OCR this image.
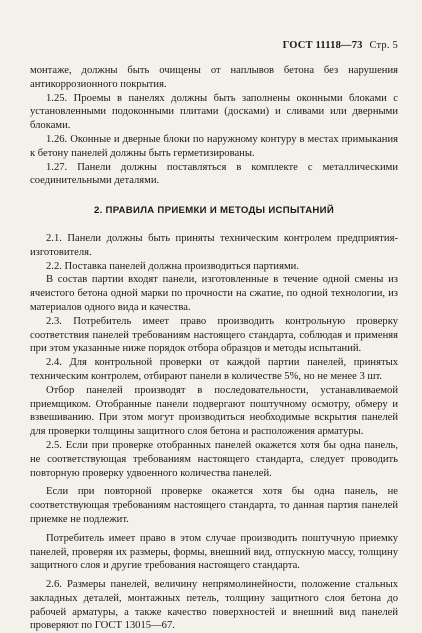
ГОСТ 11118—73 Стр. 5

монтаже, должны быть очищены от наплывов бетона без нарушения антикоррозионного покрытия.

1.25. Проемы в панелях должны быть заполнены оконными блоками с установленными подоконными плитами (досками) и сливами или дверными блоками.

1.26. Оконные и дверные блоки по наружному контуру в местах примыкания к бетону панелей должны быть герметизированы.

1.27. Панели должны поставляться в комплекте с металлическими соединительными деталями.

2. ПРАВИЛА ПРИЕМКИ И МЕТОДЫ ИСПЫТАНИЙ

2.1. Панели должны быть приняты техническим контролем предприятия-изготовителя.

2.2. Поставка панелей должна производиться партиями.

В состав партии входят панели, изготовленные в течение одной смены из ячеистого бетона одной марки по прочности на сжатие, по одной технологии, из материалов одного вида и качества.

2.3. Потребитель имеет право производить контрольную проверку соответствия панелей требованиям настоящего стандарта, соблюдая и применяя при этом указанные ниже порядок отбора образцов и методы испытаний.

2.4. Для контрольной проверки от каждой партии панелей, принятых техническим контролем, отбирают панели в количестве 5%, но не менее 3 шт.

Отбор панелей производят в последовательности, устанавливаемой приемщиком. Отобранные панели подвергают поштучному осмотру, обмеру и взвешиванию. При этом могут производиться необходимые вскрытия панелей для проверки толщины защитного слоя бетона и расположения арматуры.

2.5. Если при проверке отобранных панелей окажется хотя бы одна панель, не соответствующая требованиям настоящего стандарта, следует проводить повторную проверку удвоенного количества панелей.

Если при повторной проверке окажется хотя бы одна панель, не соответствующая требованиям настоящего стандарта, то данная партия панелей приемке не подлежит.

Потребитель имеет право в этом случае производить поштучную приемку панелей, проверяя их размеры, формы, внешний вид, отпускную массу, толщину защитного слоя и другие требования настоящего стандарта.

2.6. Размеры панелей, величину непрямолинейности, положение стальных закладных деталей, монтажных петель, толщину защитного слоя бетона до рабочей арматуры, а также качество поверхностей и внешний вид панелей проверяют по ГОСТ 13015—67.
